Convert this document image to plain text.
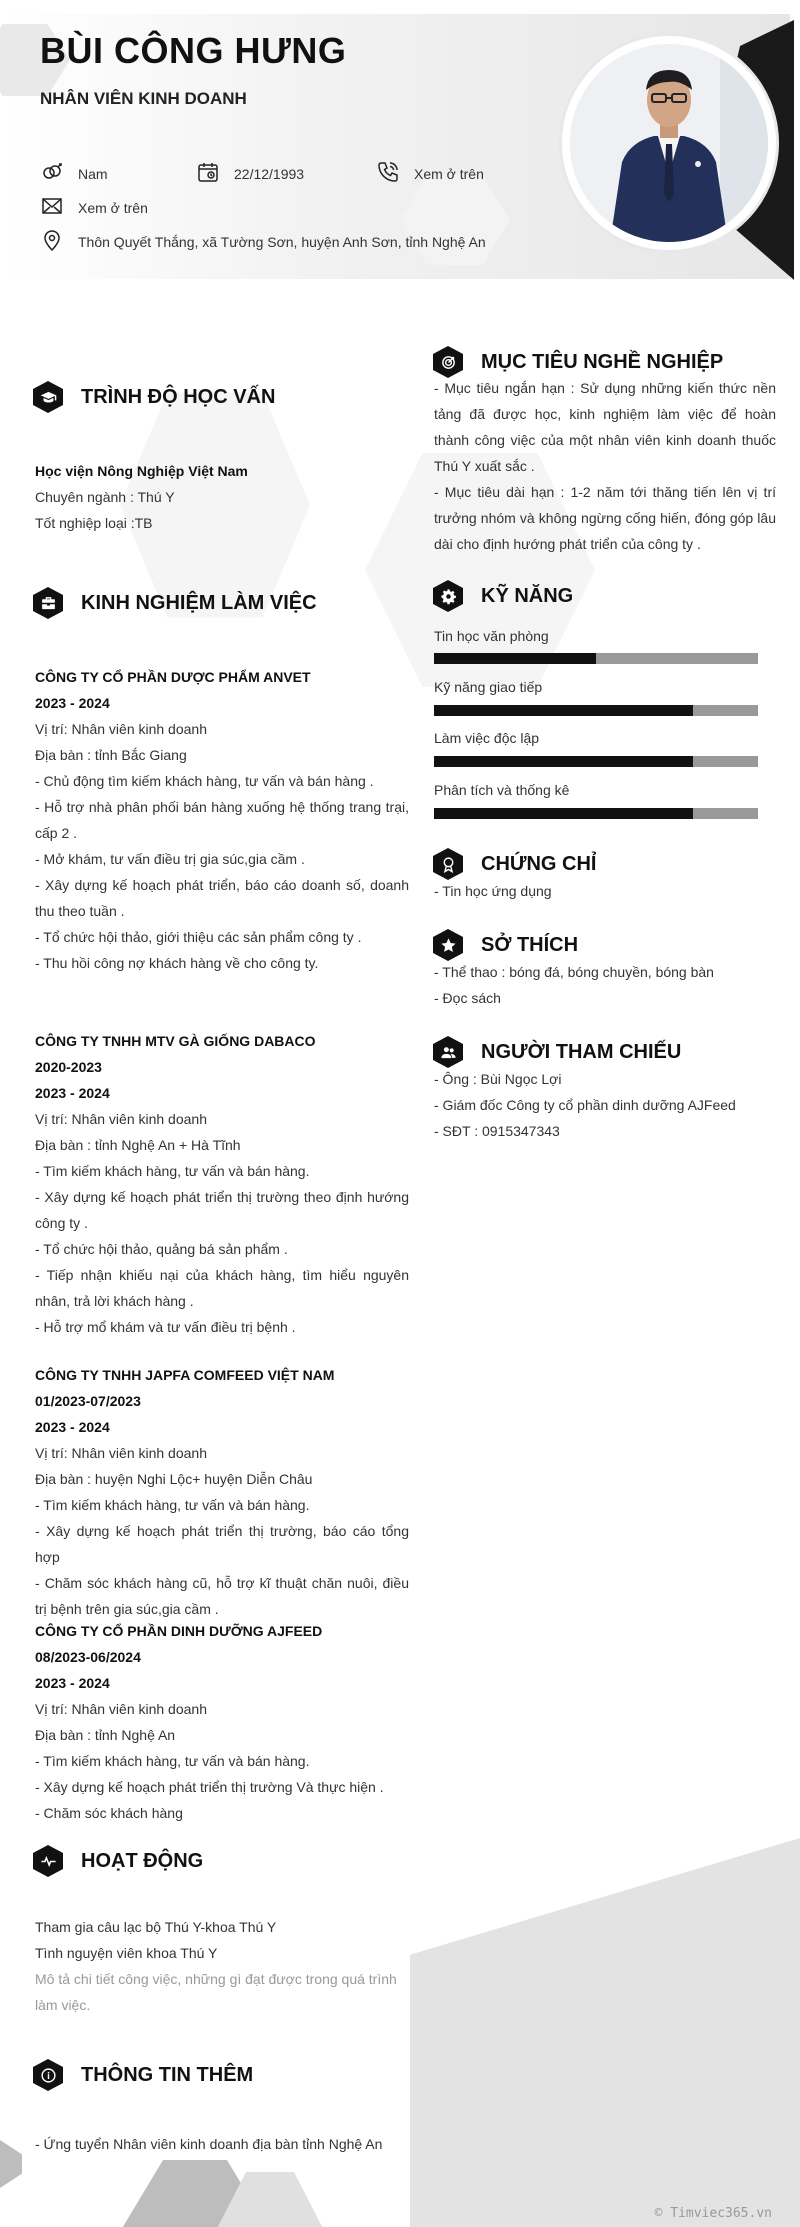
BÙI CÔNG HƯNG
NHÂN VIÊN KINH DOANH
Nam	22/12/1993	Xem ở trên
Xem ở trên
Thôn Quyết Thắng, xã Tường Sơn, huyện Anh Sơn, tỉnh Nghệ An
TRÌNH ĐỘ HỌC VẤN
Học viện Nông Nghiệp Việt Nam
Chuyên ngành : Thú Y
Tốt nghiệp loại :TB
KINH NGHIỆM LÀM VIỆC
CÔNG TY CỔ PHẦN DƯỢC PHẨM ANVET
2023 - 2024
Vị trí: Nhân viên kinh doanh
Địa bàn : tỉnh Bắc Giang
- Chủ động tìm kiếm khách hàng, tư vấn và bán hàng .
- Hỗ trợ nhà phân phối bán hàng xuống hệ thống trang trại, cấp 2 .
- Mở khám, tư vấn điều trị gia súc,gia cầm .
- Xây dựng kế hoạch phát triển, báo cáo doanh số, doanh thu theo tuần .
- Tổ chức hội thảo, giới thiệu các sản phẩm công ty .
- Thu hồi công nợ khách hàng về cho công ty.
CÔNG TY TNHH MTV GÀ GIỐNG DABACO
2020-2023
2023 - 2024
Vị trí: Nhân viên kinh doanh
Địa bàn : tỉnh Nghệ An + Hà Tĩnh
- Tìm kiếm khách hàng, tư vấn và bán hàng.
- Xây dựng kế hoạch phát triển thị trường theo định hướng công ty .
- Tổ chức hội thảo, quảng bá sản phẩm .
- Tiếp nhận khiếu nại của khách hàng, tìm hiểu nguyên nhân, trả lời khách hàng .
- Hỗ trợ mổ khám và tư vấn điều trị bệnh .
CÔNG TY TNHH JAPFA COMFEED VIỆT NAM
01/2023-07/2023
2023 - 2024
Vị trí: Nhân viên kinh doanh
Địa bàn : huyện Nghi Lộc+ huyện Diễn Châu
- Tìm kiếm khách hàng, tư vấn và bán hàng.
- Xây dựng kế hoạch phát triển thị trường, báo cáo tổng hợp
- Chăm sóc khách hàng cũ, hỗ trợ kĩ thuật chăn nuôi, điều trị bệnh trên gia súc,gia cầm .
CÔNG TY CỔ PHẦN DINH DƯỠNG AJFEED
08/2023-06/2024
2023 - 2024
Vị trí: Nhân viên kinh doanh
Địa bàn : tỉnh Nghệ An
- Tìm kiếm khách hàng, tư vấn và bán hàng.
- Xây dựng kế hoạch phát triển thị trường Và thực hiện .
- Chăm sóc khách hàng
HOẠT ĐỘNG
Tham gia câu lạc bộ Thú Y-khoa Thú Y
Tình nguyện viên khoa Thú Y
Mô tả chi tiết công việc, những gì đạt được trong quá trình làm việc.
THÔNG TIN THÊM
- Ứng tuyển Nhân viên kinh doanh địa bàn tỉnh Nghệ An
MỤC TIÊU NGHỀ NGHIỆP
- Mục tiêu ngắn hạn : Sử dụng những kiến thức nền tảng đã được học, kinh nghiệm làm việc để hoàn thành công việc của một nhân viên kinh doanh thuốc Thú Y xuất sắc .
- Mục tiêu dài hạn : 1-2 năm tới thăng tiến lên vị trí trưởng nhóm và không ngừng cống hiến, đóng góp lâu dài cho định hướng phát triển của công ty .
KỸ NĂNG
Tin học văn phòng
Kỹ năng giao tiếp
Làm việc độc lập
Phân tích và thống kê
CHỨNG CHỈ
- Tin học ứng dụng
SỞ THÍCH
- Thể thao : bóng đá, bóng chuyền, bóng bàn
- Đọc sách
NGƯỜI THAM CHIẾU
- Ông : Bùi Ngọc Lợi
- Giám đốc Công ty cổ phần dinh dưỡng AJFeed
- SĐT : 0915347343
© Timviec365.vn
